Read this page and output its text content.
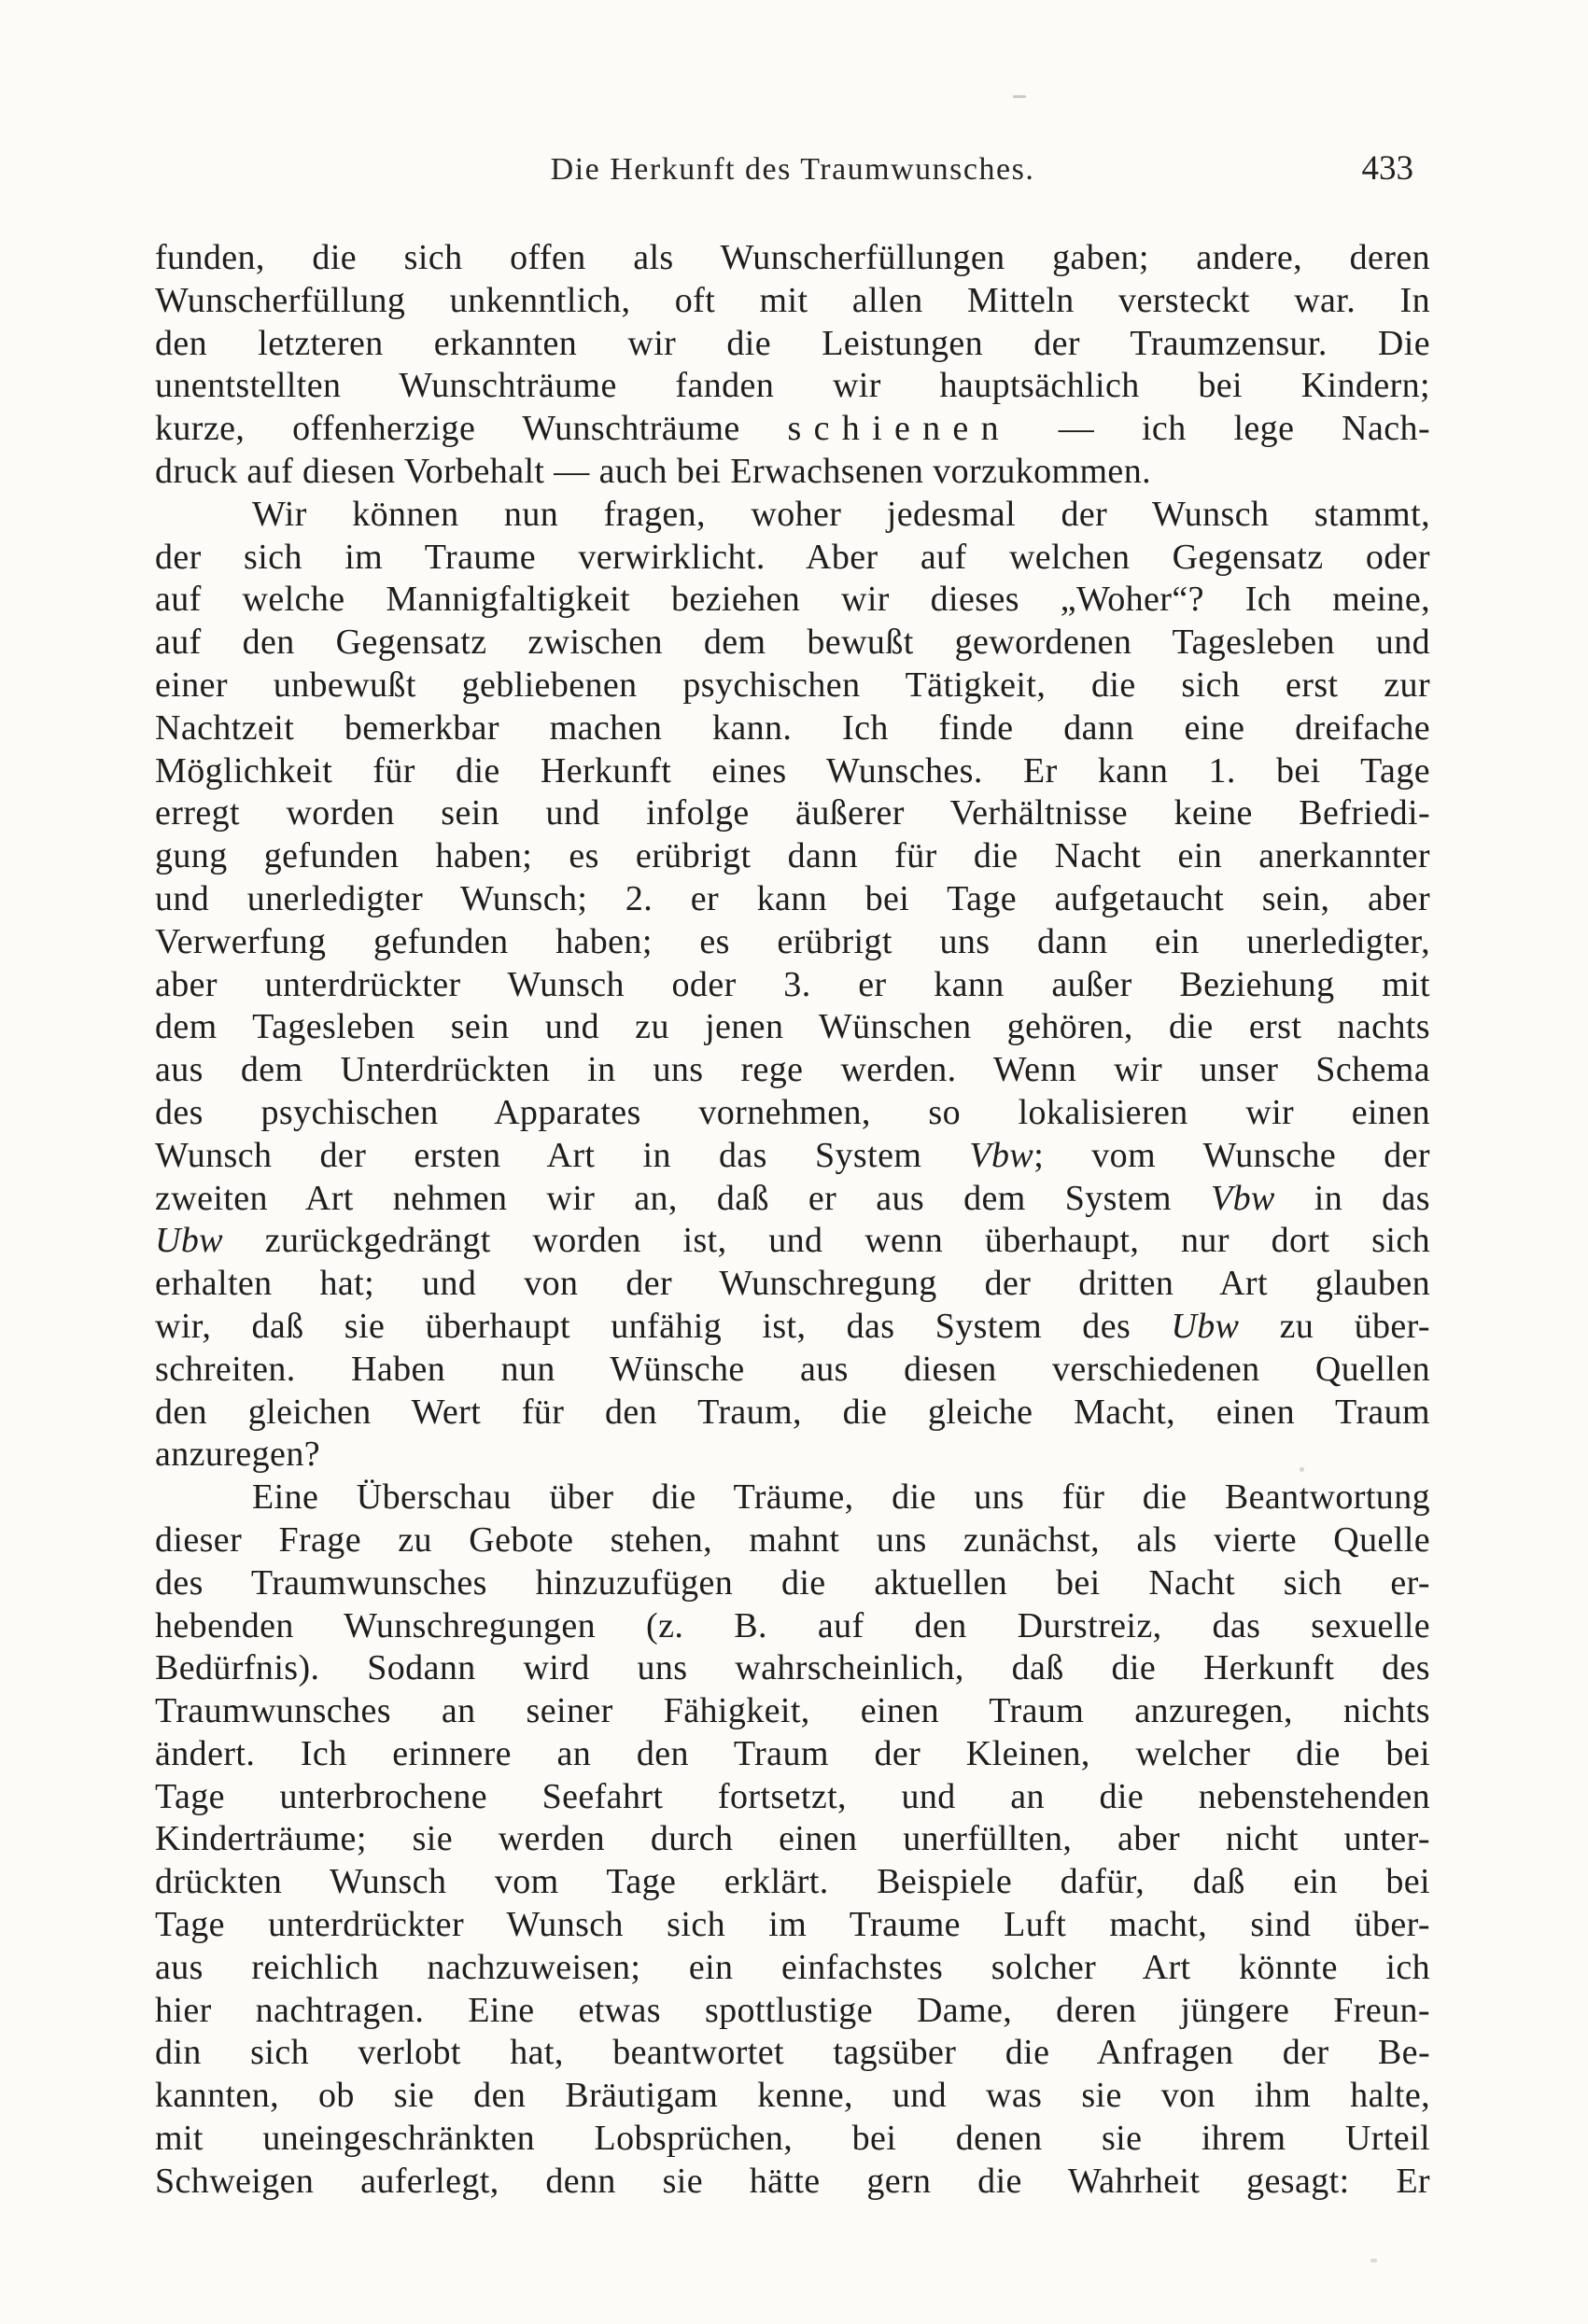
Die Herkunft des Traumwunsches.	433
funden, die sich offen als Wunscherfüllungen gaben; andere, deren
Wunscherfüllung unkenntlich, oft mit allen Mitteln versteckt war. In
den letzteren erkannten wir die Leistungen der Traumzensur. Die
unentstellten Wunschträume fanden wir hauptsächlich bei Kindern;
kurze, offenherzige Wunschträume schienen — ich lege Nach-
druck auf diesen Vorbehalt — auch bei Erwachsenen vorzukommen.
Wir können nun fragen, woher jedesmal der Wunsch stammt,
der sich im Traume verwirklicht. Aber auf welchen Gegensatz oder
auf welche Mannigfaltigkeit beziehen wir dieses „Woher“? Ich meine,
auf den Gegensatz zwischen dem bewußt gewordenen Tagesleben und
einer unbewußt gebliebenen psychischen Tätigkeit, die sich erst zur
Nachtzeit bemerkbar machen kann. Ich finde dann eine dreifache
Möglichkeit für die Herkunft eines Wunsches. Er kann 1. bei Tage
erregt worden sein und infolge äußerer Verhältnisse keine Befriedi-
gung gefunden haben; es erübrigt dann für die Nacht ein anerkannter
und unerledigter Wunsch; 2. er kann bei Tage aufgetaucht sein, aber
Verwerfung gefunden haben; es erübrigt uns dann ein unerledigter,
aber unterdrückter Wunsch oder 3. er kann außer Beziehung mit
dem Tagesleben sein und zu jenen Wünschen gehören, die erst nachts
aus dem Unterdrückten in uns rege werden. Wenn wir unser Schema
des psychischen Apparates vornehmen, so lokalisieren wir einen
Wunsch der ersten Art in das System Vbw; vom Wunsche der
zweiten Art nehmen wir an, daß er aus dem System Vbw in das
Ubw zurückgedrängt worden ist, und wenn überhaupt, nur dort sich
erhalten hat; und von der Wunschregung der dritten Art glauben
wir, daß sie überhaupt unfähig ist, das System des Ubw zu über-
schreiten. Haben nun Wünsche aus diesen verschiedenen Quellen
den gleichen Wert für den Traum, die gleiche Macht, einen Traum
anzuregen?
Eine Überschau über die Träume, die uns für die Beantwortung
dieser Frage zu Gebote stehen, mahnt uns zunächst, als vierte Quelle
des Traumwunsches hinzuzufügen die aktuellen bei Nacht sich er-
hebenden Wunschregungen (z. B. auf den Durstreiz, das sexuelle
Bedürfnis). Sodann wird uns wahrscheinlich, daß die Herkunft des
Traumwunsches an seiner Fähigkeit, einen Traum anzuregen, nichts
ändert. Ich erinnere an den Traum der Kleinen, welcher die bei
Tage unterbrochene Seefahrt fortsetzt, und an die nebenstehenden
Kinderträume; sie werden durch einen unerfüllten, aber nicht unter-
drückten Wunsch vom Tage erklärt. Beispiele dafür, daß ein bei
Tage unterdrückter Wunsch sich im Traume Luft macht, sind über-
aus reichlich nachzuweisen; ein einfachstes solcher Art könnte ich
hier nachtragen. Eine etwas spottlustige Dame, deren jüngere Freun-
din sich verlobt hat, beantwortet tagsüber die Anfragen der Be-
kannten, ob sie den Bräutigam kenne, und was sie von ihm halte,
mit uneingeschränkten Lobsprüchen, bei denen sie ihrem Urteil
Schweigen auferlegt, denn sie hätte gern die Wahrheit gesagt: Er
